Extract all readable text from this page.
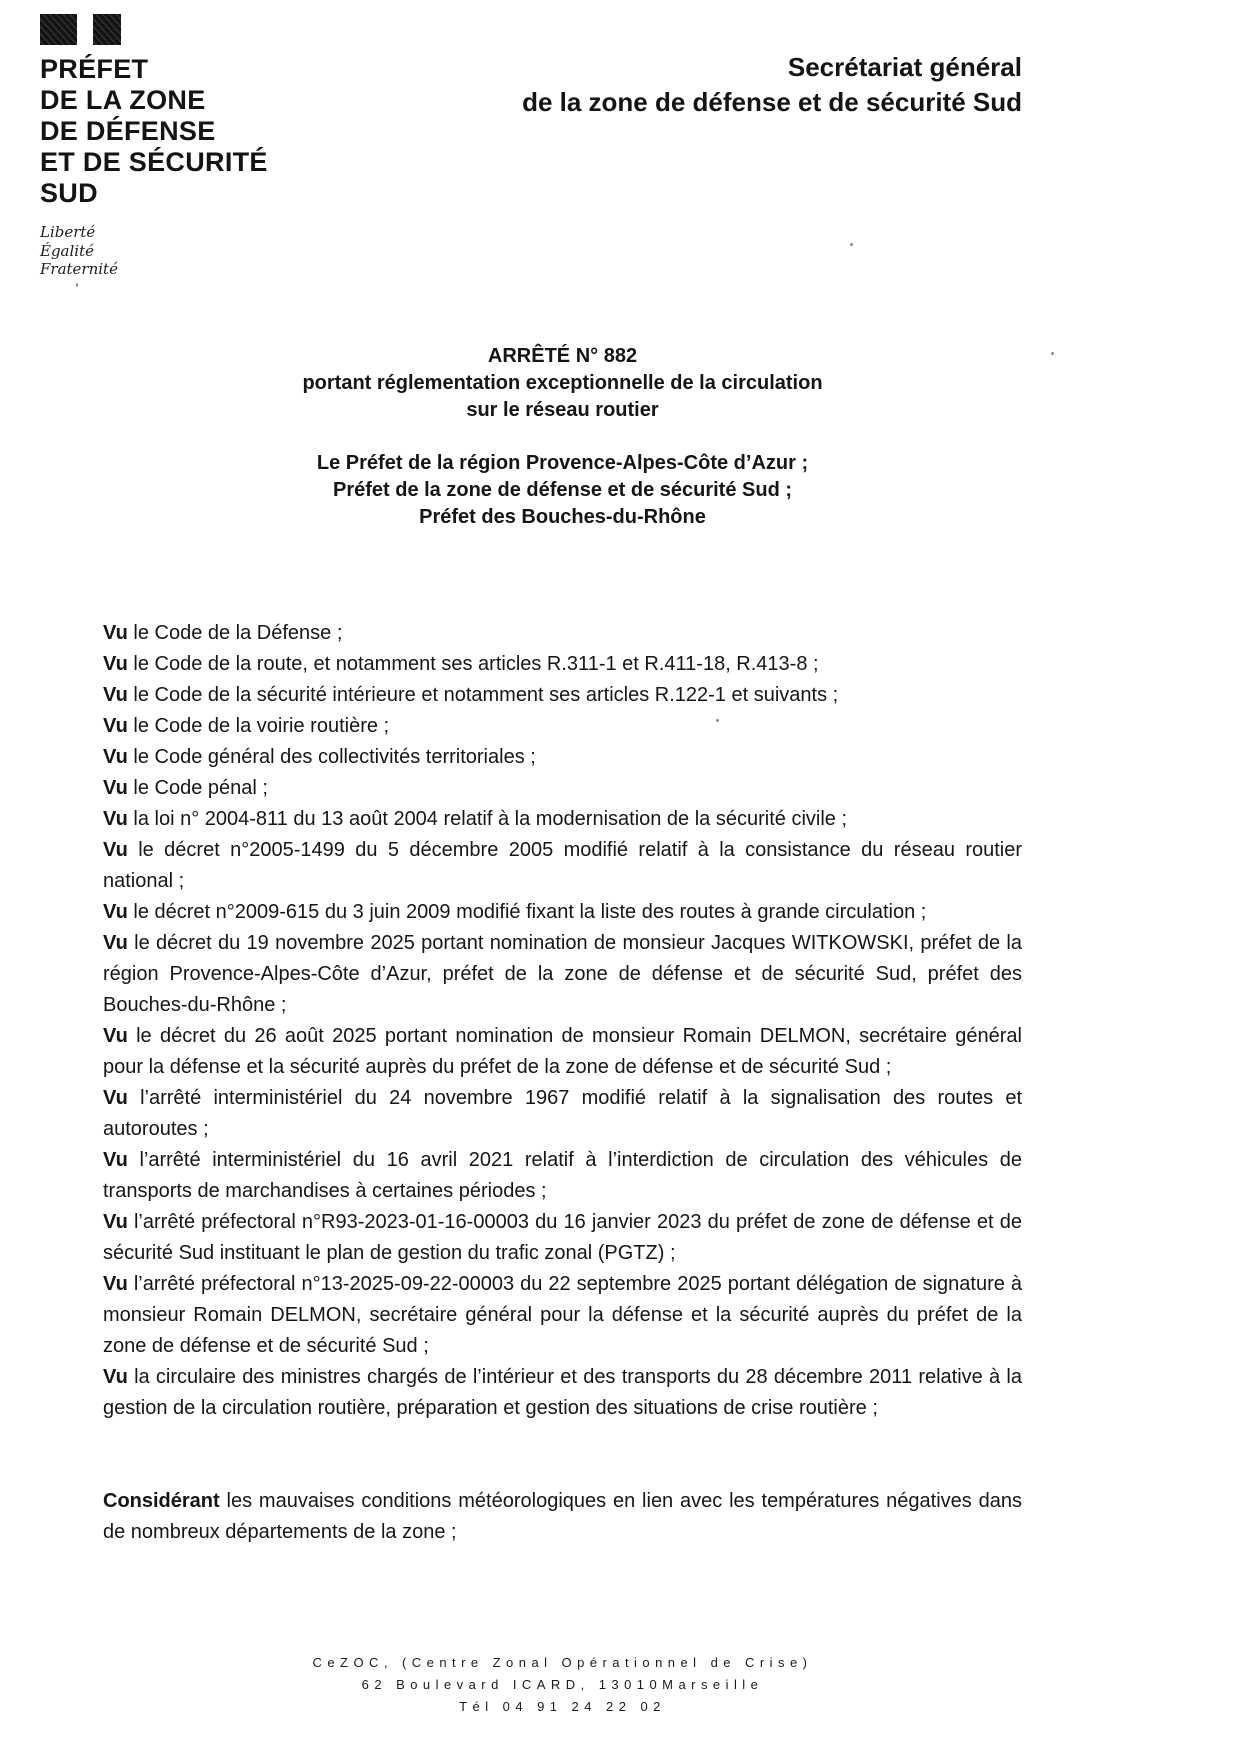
PRÉFET
DE LA ZONE
DE DÉFENSE
ET DE SÉCURITÉ
SUD
Liberté
Égalité
Fraternité
Secrétariat général
de la zone de défense et de sécurité Sud
ARRÊTÉ N° 882
portant réglementation exceptionnelle de la circulation
sur le réseau routier
Le Préfet de la région Provence-Alpes-Côte d’Azur ;
Préfet de la zone de défense et de sécurité Sud ;
Préfet des Bouches-du-Rhône

Vu le Code de la Défense ;

Vu le Code de la route, et notamment ses articles R.311-1 et R.411-18, R.413-8 ;

Vu le Code de la sécurité intérieure et notamment ses articles R.122-1 et suivants ;

Vu le Code de la voirie routière ;

Vu le Code général des collectivités territoriales ;

Vu le Code pénal ;

Vu la loi n° 2004-811 du 13 août 2004 relatif à la modernisation de la sécurité civile ;

Vu le décret n°2005-1499 du 5 décembre 2005 modifié relatif à la consistance du réseau routier national ;

Vu le décret n°2009-615 du 3 juin 2009 modifié fixant la liste des routes à grande circulation ;

Vu le décret du 19 novembre 2025 portant nomination de monsieur Jacques WITKOWSKI, préfet de la région Provence-Alpes-Côte d’Azur, préfet de la zone de défense et de sécurité Sud, préfet des Bouches-du-Rhône ;

Vu le décret du 26 août 2025 portant nomination de monsieur Romain DELMON, secrétaire général pour la défense et la sécurité auprès du préfet de la zone de défense et de sécurité Sud ;

Vu l’arrêté interministériel du 24 novembre 1967 modifié relatif à la signalisation des routes et autoroutes ;

Vu l’arrêté interministériel du 16 avril 2021 relatif à l’interdiction de circulation des véhicules de transports de marchandises à certaines périodes ;

Vu l’arrêté préfectoral n°R93-2023-01-16-00003 du 16 janvier 2023 du préfet de zone de défense et de sécurité Sud instituant le plan de gestion du trafic zonal (PGTZ) ;

Vu l’arrêté préfectoral n°13-2025-09-22-00003 du 22 septembre 2025 portant délégation de signature à monsieur Romain DELMON, secrétaire général pour la défense et la sécurité auprès du préfet de la zone de défense et de sécurité Sud ;

Vu la circulaire des ministres chargés de l’intérieur et des transports du 28 décembre 2011 relative à la gestion de la circulation routière, préparation et gestion des situations de crise routière ;

Considérant les mauvaises conditions météorologiques en lien avec les températures négatives dans de nombreux départements de la zone ;

CeZOC, (Centre Zonal Opérationnel de Crise)
62 Boulevard ICARD, 13010Marseille
Tél 04 91 24 22 02
